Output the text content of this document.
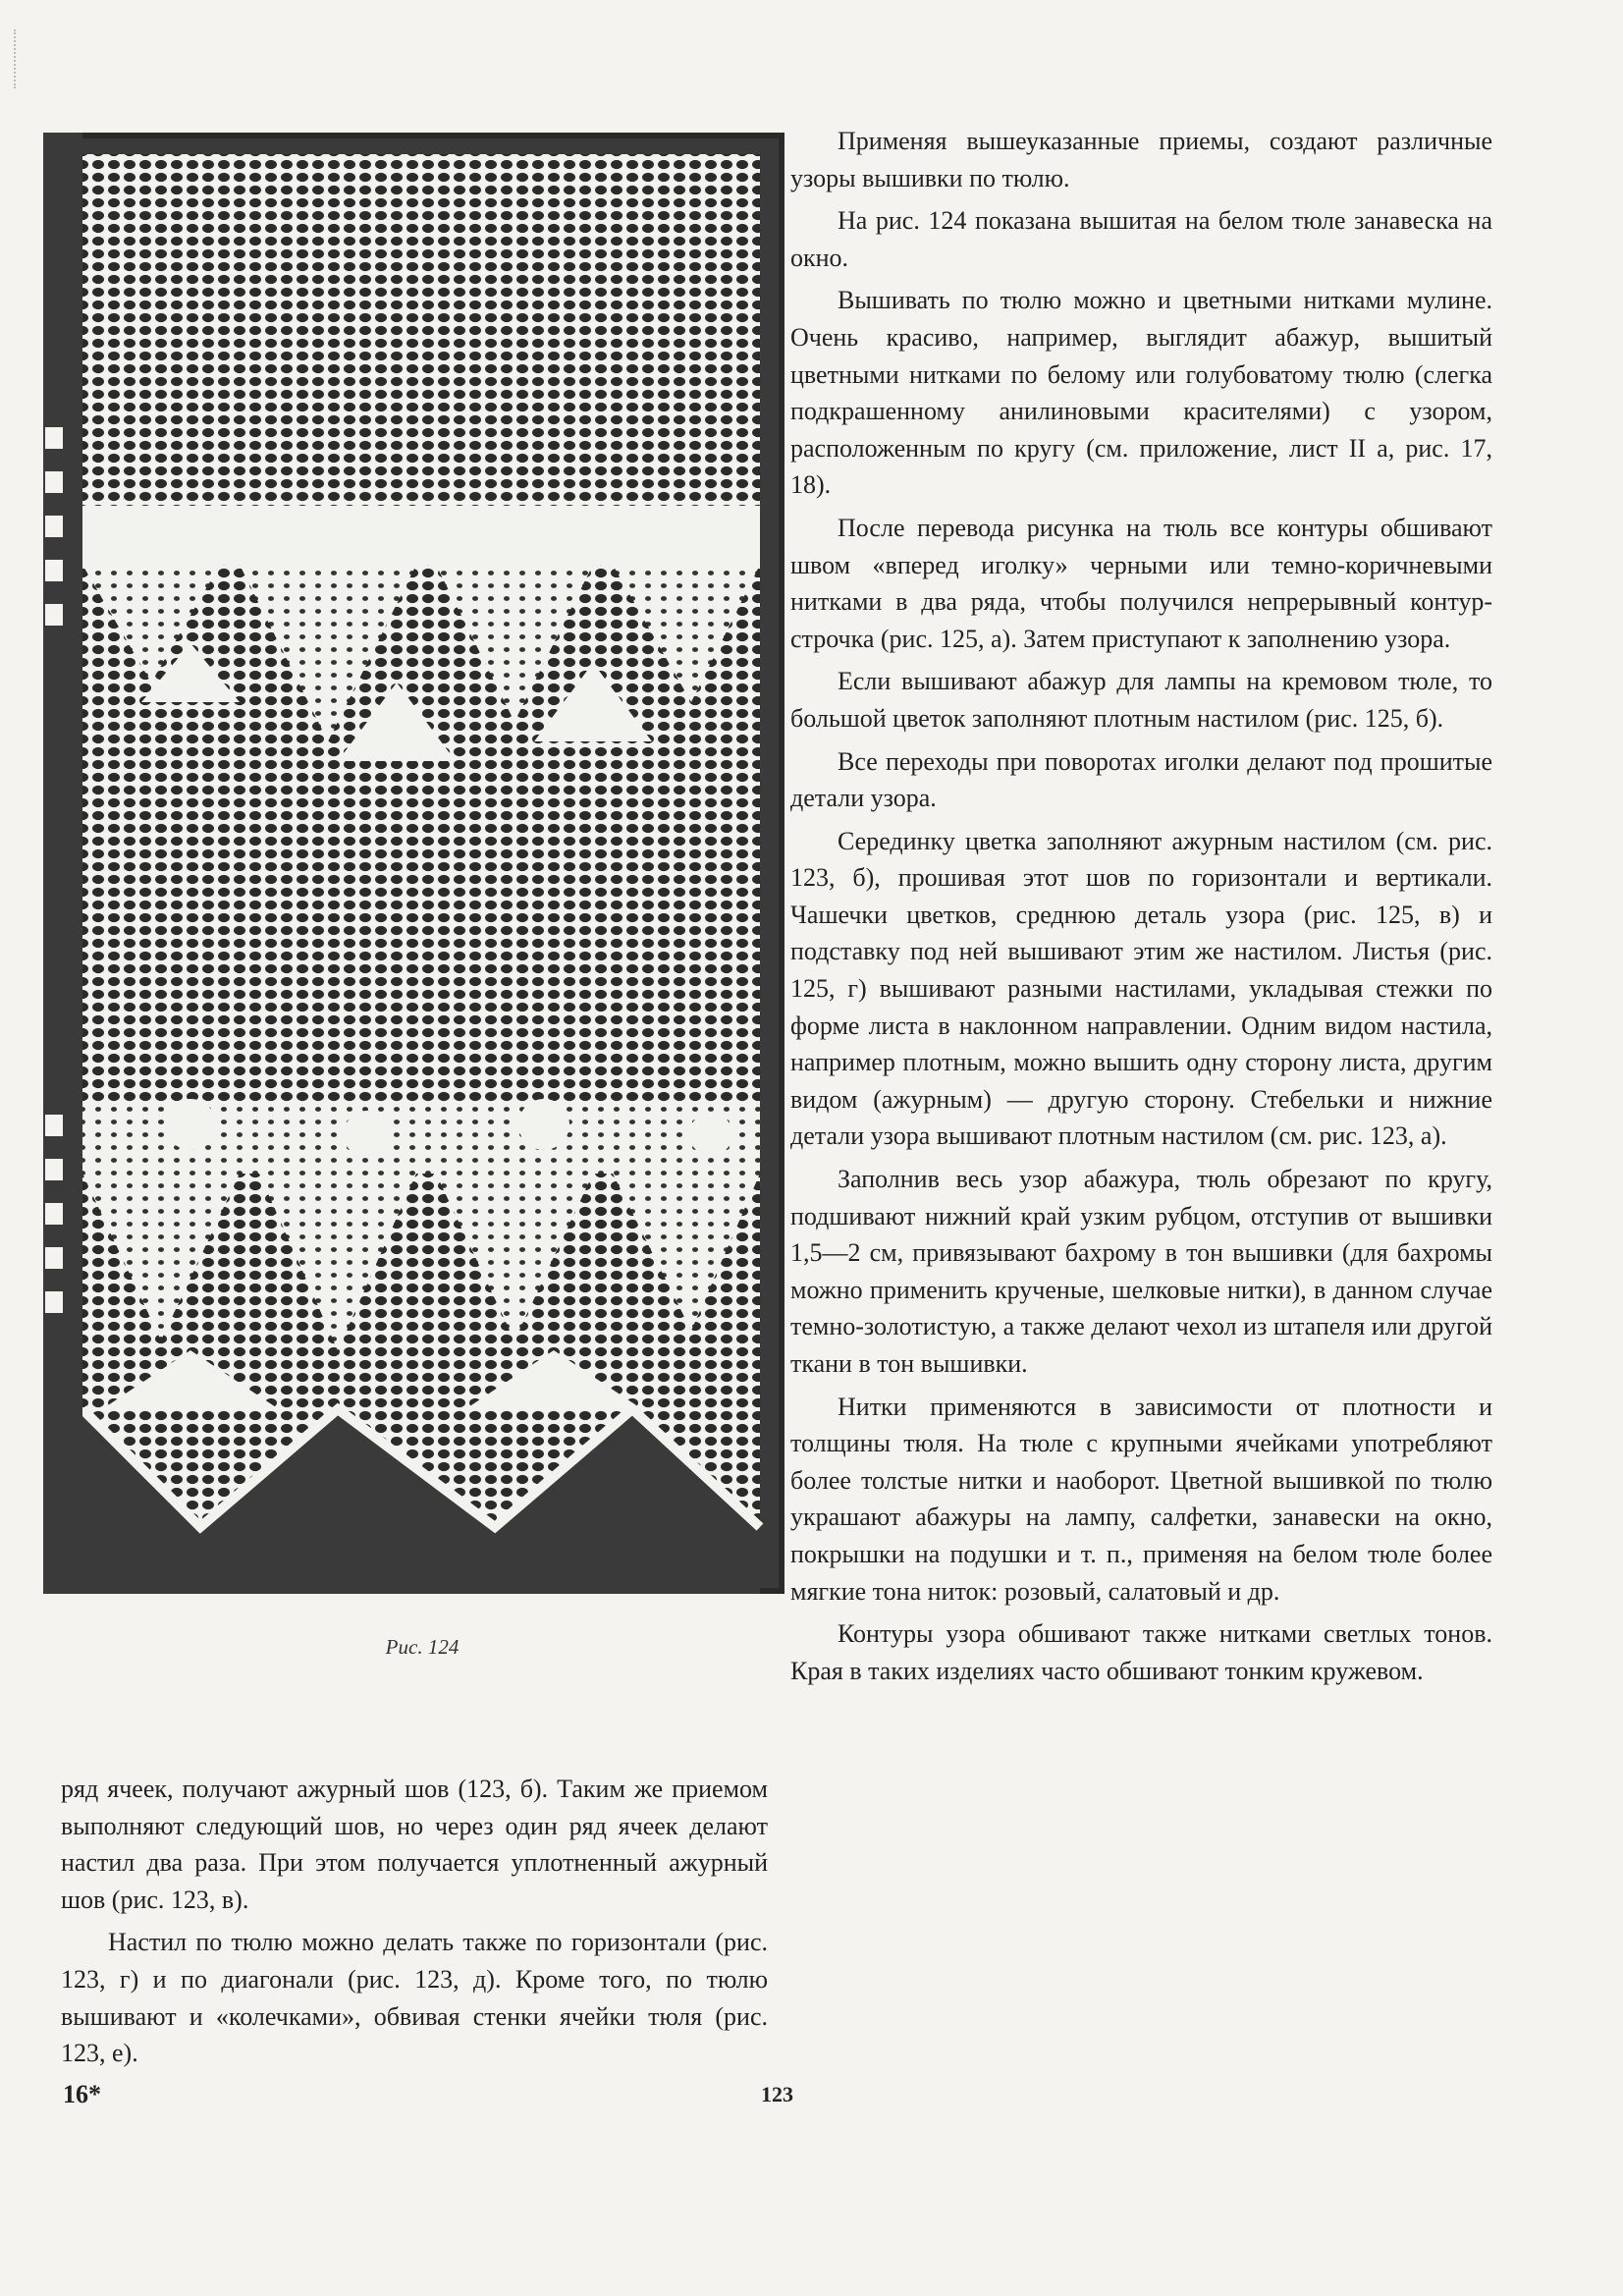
Рис. 124

Применяя вышеуказанные приемы, создают различные узоры вышивки по тюлю.

На рис. 124 показана вышитая на белом тюле занавеска на окно.

Вышивать по тюлю можно и цветными нитками мулине. Очень красиво, например, выглядит абажур, вышитый цветными нитками по белому или голубоватому тюлю (слегка подкрашенному анилиновыми красителями) с узором, расположенным по кругу (см. приложение, лист II а, рис. 17, 18).

После перевода рисунка на тюль все контуры обшивают швом «вперед иголку» черными или темно-коричневыми нитками в два ряда, чтобы получился непрерывный контур-строчка (рис. 125, а). Затем приступают к заполнению узора.

Если вышивают абажур для лампы на кремовом тюле, то большой цветок заполняют плотным настилом (рис. 125, б).

Все переходы при поворотах иголки делают под прошитые детали узора.

Серединку цветка заполняют ажурным настилом (см. рис. 123, б), прошивая этот шов по горизонтали и вертикали. Чашечки цветков, среднюю деталь узора (рис. 125, в) и подставку под ней вышивают этим же настилом. Листья (рис. 125, г) вышивают разными настилами, укладывая стежки по форме листа в наклонном направлении. Одним видом настила, например плотным, можно вышить одну сторону листа, другим видом (ажурным) — другую сторону. Стебельки и нижние детали узора вышивают плотным настилом (см. рис. 123, а).

Заполнив весь узор абажура, тюль обрезают по кругу, подшивают нижний край узким рубцом, отступив от вышивки 1,5—2 см, привязывают бахрому в тон вышивки (для бахромы можно применить крученые, шелковые нитки), в данном случае темно-золотистую, а также делают чехол из штапеля или другой ткани в тон вышивки.

Нитки применяются в зависимости от плотности и толщины тюля. На тюле с крупными ячейками употребляют более толстые нитки и наоборот. Цветной вышивкой по тюлю украшают абажуры на лампу, салфетки, занавески на окно, покрышки на подушки и т. п., применяя на белом тюле более мягкие тона ниток: розовый, салатовый и др.

Контуры узора обшивают также нитками светлых тонов. Края в таких изделиях часто обшивают тонким кружевом.

ряд ячеек, получают ажурный шов (123, б). Таким же приемом выполняют следующий шов, но через один ряд ячеек делают настил два раза. При этом получается уплотненный ажурный шов (рис. 123, в).

Настил по тюлю можно делать также по горизонтали (рис. 123, г) и по диагонали (рис. 123, д). Кроме того, по тюлю вышивают и «колечками», обвивая стенки ячейки тюля (рис. 123, е).

16*	123
